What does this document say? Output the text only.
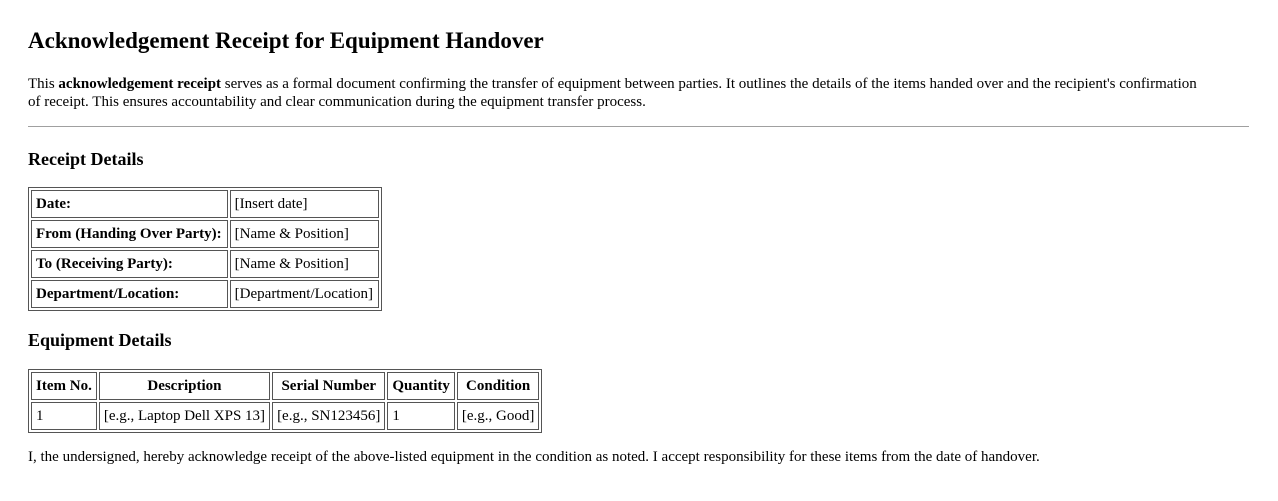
Acknowledgement Receipt for Equipment Handover

This acknowledgement receipt serves as a formal document confirming the transfer of equipment between parties. It outlines the details of the items handed over and the recipient's confirmation of receipt. This ensures accountability and clear communication during the equipment transfer process.

Receipt Details
Date:	[Insert date]
From (Handing Over Party):	[Name & Position]
To (Receiving Party):	[Name & Position]
Department/Location:	[Department/Location]
Equipment Details
Item No.	Description	Serial Number	Quantity	Condition
1	[e.g., Laptop Dell XPS 13]	[e.g., SN123456]	1	[e.g., Good]

I, the undersigned, hereby acknowledge receipt of the above-listed equipment in the condition as noted. I accept responsibility for these items from the date of handover.
